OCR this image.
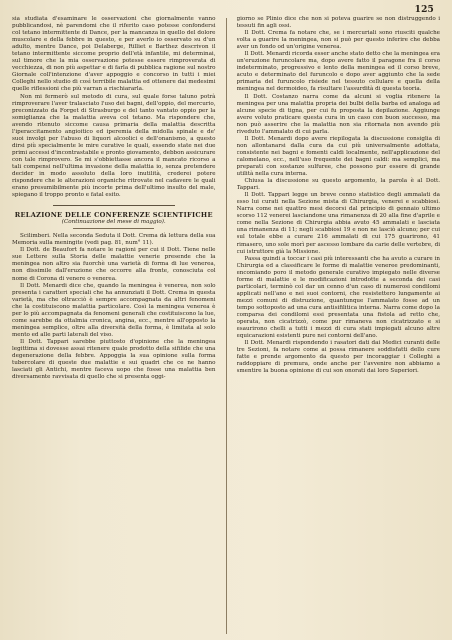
125

sia studiata d'esaminare le osservazioni che giornalmente vanno pubblicandosi, nè parendomi che il riferito caso potesse confondersi col tetano intermittente di Dance, per la mancanza in quello del dolore muscolare e della febbre in questo, e per averlo io osservato su d'un adulto, mentre Dance, poi Delaberge, Rilliet e Barthez descrivon il tetano intermittente siccome proprio dell'età infantile, mi determinai, sul timore che la mia osservazione potesse essere rimproverata di vecchiezza, di non più aspettar e di farla di pubblica ragione sul nostro Giornale coll'intenzione d'aver appoggio e concorso in tutti i miei Colleghi nello studio di così terribile malattia ed ottenere dai medesimi quelle riflessioni che più varran a rischiararla.

Non mi fermerò sul metodo di cura, sul quale forse taluno potrà rimproverare l'aver tralasciato l'uso dei bagni, dell'oppio, del mercurio, preconizzato da Forget di Strasburgo e del tanto vantato oppio per la somiglianza che la malattia aveva col tetano. Ma rispondere che, avendo ritenuto siccome causa primaria della malattia descritta l'iperaccitamento angioitico ed iperemia della midolla spinale e de' suoi involgi per l'abuso di liquori alcoolici e dell'onanismo, a questo dirsi più specialmente le mire curative le quali, essendo state nei due primi accessi d'incontrastabile e pronto giovamento, debbon assicurare con tale rimprovero. Se mi s'obbiettasse ancora il mancato ricorso a tali compensi nell'ultima invasione della malattia io, senza pretendere decider in modo assoluto della loro inutilità, crederei potere rispondere che le alterazioni organiche ritrovate nel cadavere le quali erano presumibilmente più incorte prima dell'ultimo insulto del male, spiegano il troppo pronto e fatal esito.

RELAZIONE DELLE CONFERENZE SCIENTIFICHE
(Continuazione del mese di maggio).

Scilimberi. Nella seconda Seduta il Dott. Crema dà lettura della sua Memoria sulla meningite (vedi pag. 81, num° 11).

Il Dott. de Beaufort fa notare le ragioni per cui il Dott. Tiene nelle sue Lettere sulla Storia delle malattie venerie presende che la meningea non altro sia fuorchè una varietà di forma di lue venerea, non dissimile dall'eruzione che occorre alla fronte, conosciuta col nome di Corona di venere o venerea.

Il Dott. Menardi dice che, quando la meningea è venerea, non solo presenta i caratteri speciali che ha annunziati il Dott. Crema in questa varietà, ma che oltracciò è sempre accompagnata da altri fenomeni che la costituiscono malattia particolare. Così la meningea venerea è per lo più accompagnata da fenomeni generali che costituiscono la lue, come sarebbe da ottalmia cronica, angina, ecc., mentre all'opposto la meningea semplice, oltre alla diversità della forma, è limitata al solo mento ed alle parti laterali del viso.

Il Dott. Tappari sarebbe piuttosto d'opinione che la meningea legittima si dovesse assai ritenere quale prodotto della sifilide che una degenerazione della febbre. Appoggia la sua opinione sulla forma tubercolare di queste due malattie e sui quadri che ce ne hanno lasciati gli Antichi, mentre faceva uopo che fosse una malattia ben diversamente ravvisata di quello che si presenta oggi-

giorno se Plinio dice che non si poteva guarire se non distruggendo i tessuti fin agli ossi.

Il Dott. Crema fa notare che, se i mercuriali sono riusciti qualche volta a guarire la meningea, non si può per questo inferire che debba aver un fondo od un'origine venerea.

Il Dott. Menardi ricorda esser anche stato detto che la meningea era un'eruzione furuncolare ma, dopo avere fatto il paragone fra il corso indeterminato, progressivo e lento della meningea ed il corso breve, acuto e determinato del furuncolo e dopo aver aggiunto che la sede primaria del furuncolo risiede nel tessuto cellulare e quella della meningea nel dermoideo, fa risultare l'assurdità di questa teoria.

Il Dott. Costanzo narra come da alcuni si voglia ritenere la meningea per una malattia propria dei bulbi della barba ed analoga ad alcune specie di tigna, per cui fu proposta la depilazione. Aggiunge avere voluto praticare questa cura in un caso con buon successo, ma non può asserire che la malattia non sia ritornata non avendo più riveduto l'ammalato di cui parla.

Il Dott. Menardi dopo avere riepilogata la discussione consiglia di non allontanarsi dalla cura da cui più universalmente adottata, consistente nei bagni e fomenti caldi localmente, nell'applicazione del calomelano, ecc., nell'uso frequente dei bagni caldi: ma semplici, ma preparati con sostanze sulfuree, che possono pur essere di grande utilità nella cura interna.

Chiusa la discussione su questo argomento, la parola è al Dott. Tappari.

Il Dott. Tappari legge un breve cenno statistico degli ammalati da esso lui curati nella Sezione mista di Chirurgia, venerei e scabbiosi. Narra come nei quattro mesi decorsi dal principio di gennaio ultimo scorso 112 venerei lasciandone una rimanenza di 20 alla fine d'aprile e come nella Sezione di Chirurgia abbia avuto 45 ammalati e lasciata una rimanenza di 11; negli scabbiosi 19 e non ne lasciò alcuno; per cui sul totale ebbe a curare 216 ammalati di cui 175 guarirono, 41 rimasero, uno sole morì per ascesso lombare da carie delle vertebre, di cui istruttore già la Missione.

Passa quindi a toccar i casi più interessanti che ha avuto a curare in Chirurgia ed a classificare le forme di malattie veneree predominanti, encomiando poro il metodo generale curativo impiegato nelle diverse forme di malattie e le modificazioni introdotte a seconda dei casi particolari, terminò col dar un cenno d'un caso di numerosi condilomi applicati nell'ano e nei suoi contorni, che resistettero lungamente ai mezzi comuni di distruzione, quantunque l'ammalato fosse ad un tempo sottoposto ad una cura antisifilitica interna. Narra come dopo la comparsa dei condilomi essi presentata una fistola ad retto che, operata, non cicatrizzò, come pur rimaneva non cicatrizzato e si esaurirono chelli a tutti i mezzi di cura stati impiegati alcuno altre equicarazioni esistenti pure nei contorni dell'ano.

Il Dott. Menardi rispondendo i rasatori dati dai Medici curanti delle tre Sezioni, fa notare come ai possa rimanere soddisfatti dello cure fatte e prende argomento da questo per incoraggiar i Colleghi a raddoppiare di premura, onde anche per l'avvenire non abbiamo a smentire la buona opinione di cui son onorati dai loro Superiori.
